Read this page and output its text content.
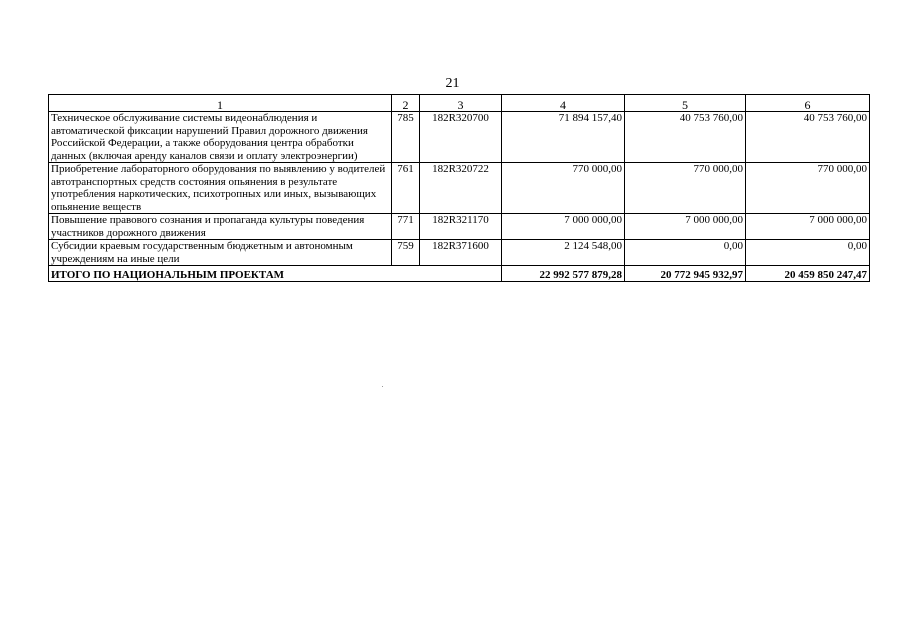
21
1	2	3	4	5	6
Техническое обслуживание системы видеонаблюдения и автоматической фиксации нарушений Правил дорожного движения Российской Федерации, а также оборудования центра обработки данных (включая аренду каналов связи и оплату электроэнергии)	785	182R320700	71 894 157,40	40 753 760,00	40 753 760,00
Приобретение лабораторного оборудования по выявлению у водителей автотранспортных средств состояния опьянения в результате употребления наркотических, психотропных или иных, вызывающих опьянение веществ	761	182R320722	770 000,00	770 000,00	770 000,00
Повышение правового сознания и пропаганда культуры поведения участников дорожного движения	771	182R321170	7 000 000,00	7 000 000,00	7 000 000,00
Субсидии краевым государственным бюджетным и автономным учреждениям на иные цели	759	182R371600	2 124 548,00	0,00	0,00
ИТОГО ПО НАЦИОНАЛЬНЫМ ПРОЕКТАМ			22 992 577 879,28	20 772 945 932,97	20 459 850 247,47
